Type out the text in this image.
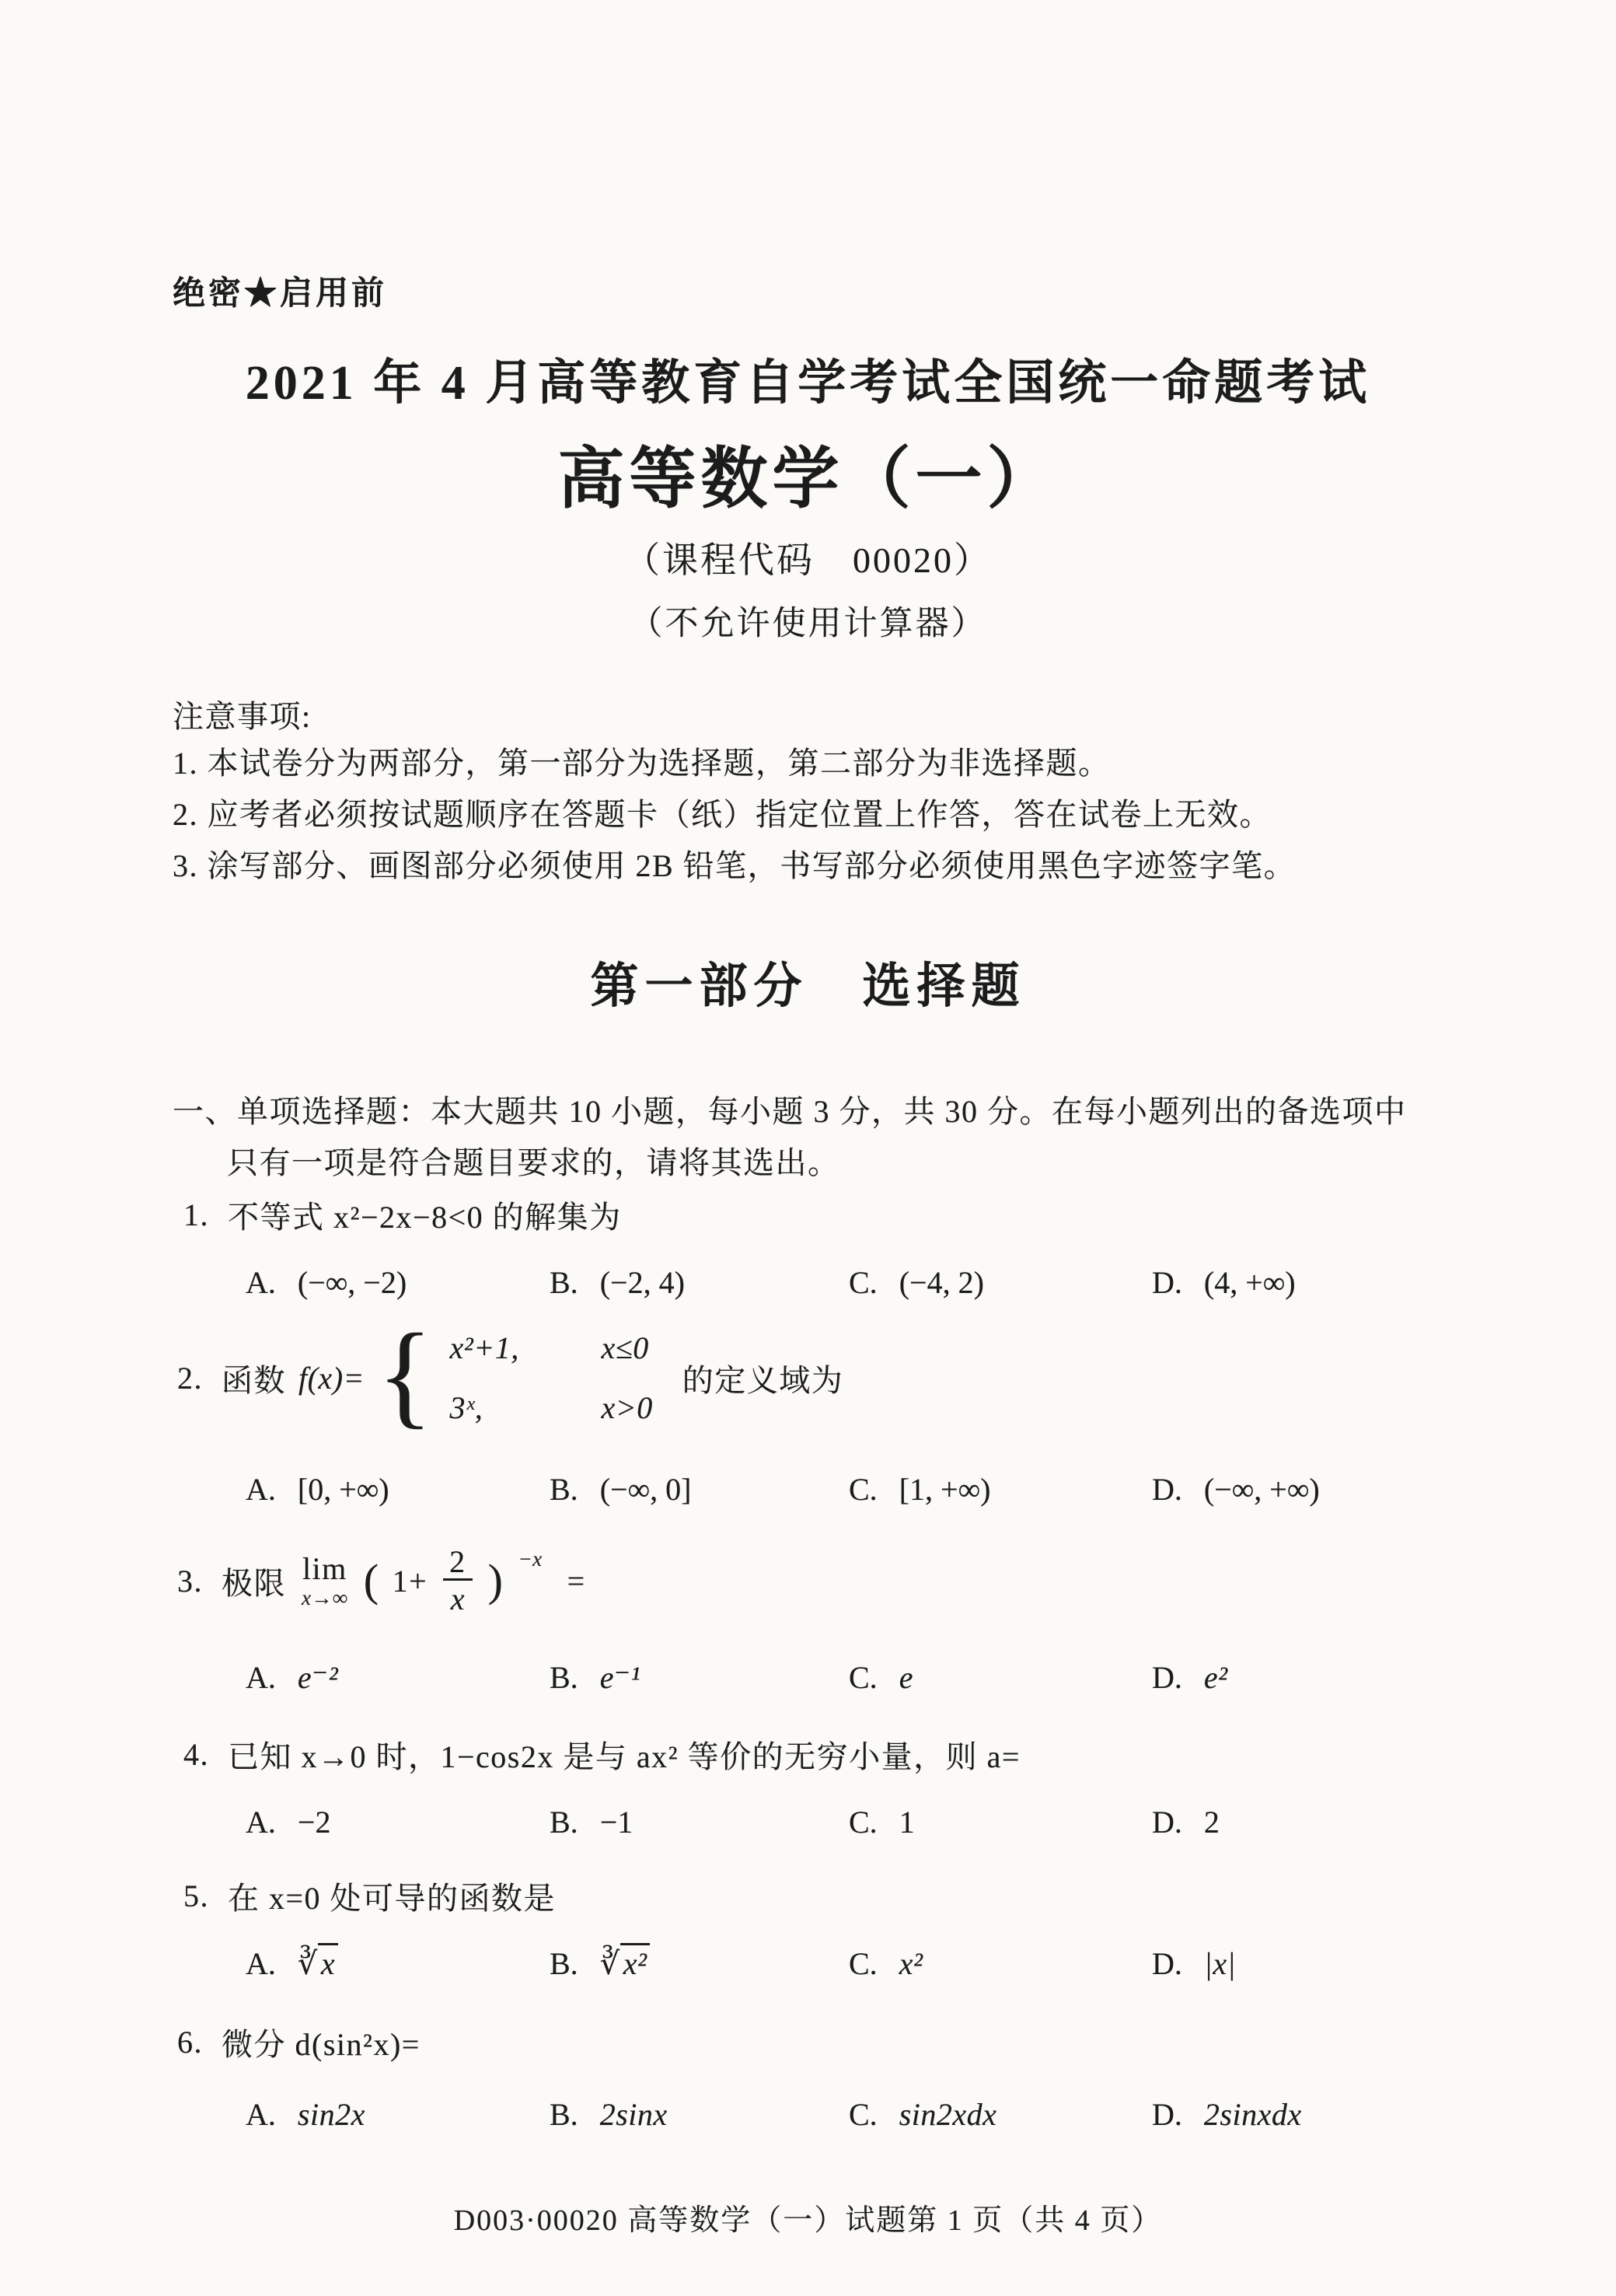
绝密★启用前
2021 年 4 月高等教育自学考试全国统一命题考试
高等数学（一）
（课程代码　00020）
（不允许使用计算器）
注意事项:
1. 本试卷分为两部分，第一部分为选择题，第二部分为非选择题。
2. 应考者必须按试题顺序在答题卡（纸）指定位置上作答，答在试卷上无效。
3. 涂写部分、画图部分必须使用 2B 铅笔，书写部分必须使用黑色字迹签字笔。
第一部分　选择题
一、单项选择题：本大题共 10 小题，每小题 3 分，共 30 分。在每小题列出的备选项中
只有一项是符合题目要求的，请将其选出。
1. 不等式 x²−2x−8<0 的解集为
A. (−∞, −2)	B. (−2, 4)	C. (−4, 2)	D. (4, +∞)
2. 函数 f(x)= { x²+1,	x≤0
3ˣ,	x>0
的定义域为
A. [0, +∞)	B. (−∞, 0]	C. [1, +∞)	D. (−∞, +∞)
3. 极限 lim
x→∞ ( $1+ \frac{2}{x}$ ) −x
=
A. e⁻²	B. e⁻¹	C. e	D. e²
4. 已知 x→0 时，1−cos2x 是与 ax² 等价的无穷小量，则 a=
A. −2	B. −1	C. 1	D. 2
5. 在 x=0 处可导的函数是
A. ∛ x	B. ∛ x²	C. x²	D. |x|
6. 微分 d(sin²x)=
A. sin2x	B. 2sinx	C. sin2xdx	D. 2sinxdx
D003·00020 高等数学（一）试题第 1 页（共 4 页）
